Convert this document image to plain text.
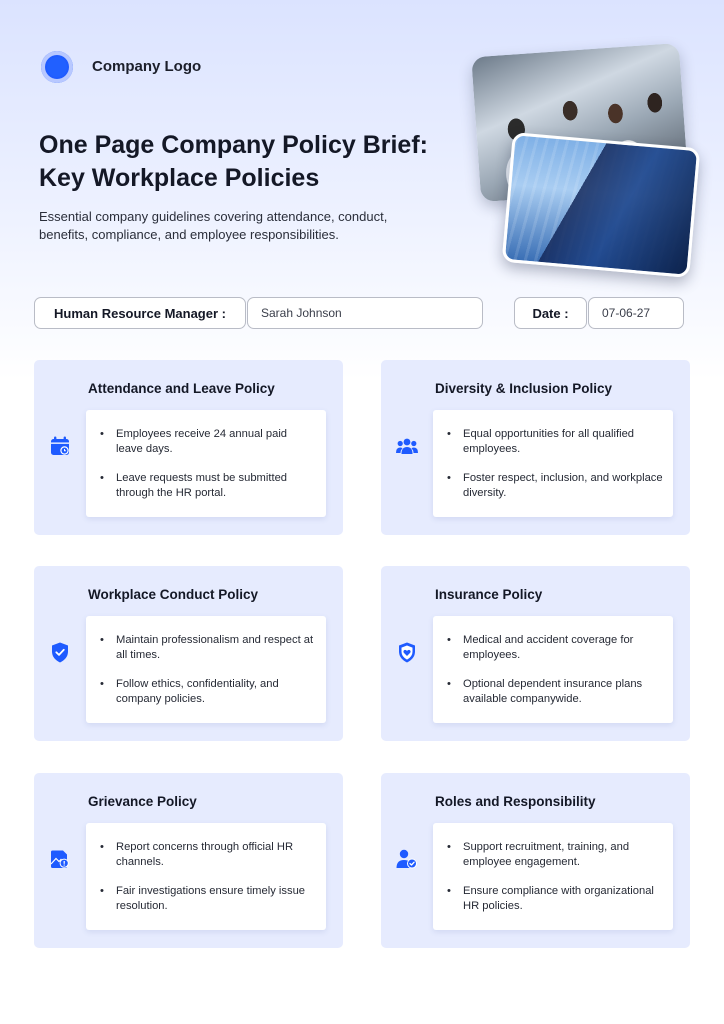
Company Logo
One Page Company Policy Brief: Key Workplace Policies

Essential company guidelines covering attendance, conduct, benefits, compliance, and employee responsibilities.

Human Resource Manager :	Sarah Johnson	Date :	07-06-27
Attendance and Leave Policy
• Employees receive 24 annual paid leave days.
• Leave requests must be submitted through the HR portal.
Diversity & Inclusion Policy
• Equal opportunities for all qualified employees.
• Foster respect, inclusion, and workplace diversity.
Workplace Conduct Policy
• Maintain professionalism and respect at all times.
• Follow ethics, confidentiality, and company policies.
Insurance Policy
• Medical and accident coverage for employees.
• Optional dependent insurance plans available companywide.
Grievance Policy
• Report concerns through official HR channels.
• Fair investigations ensure timely issue resolution.
Roles and Responsibility
• Support recruitment, training, and employee engagement.
• Ensure compliance with organizational HR policies.
